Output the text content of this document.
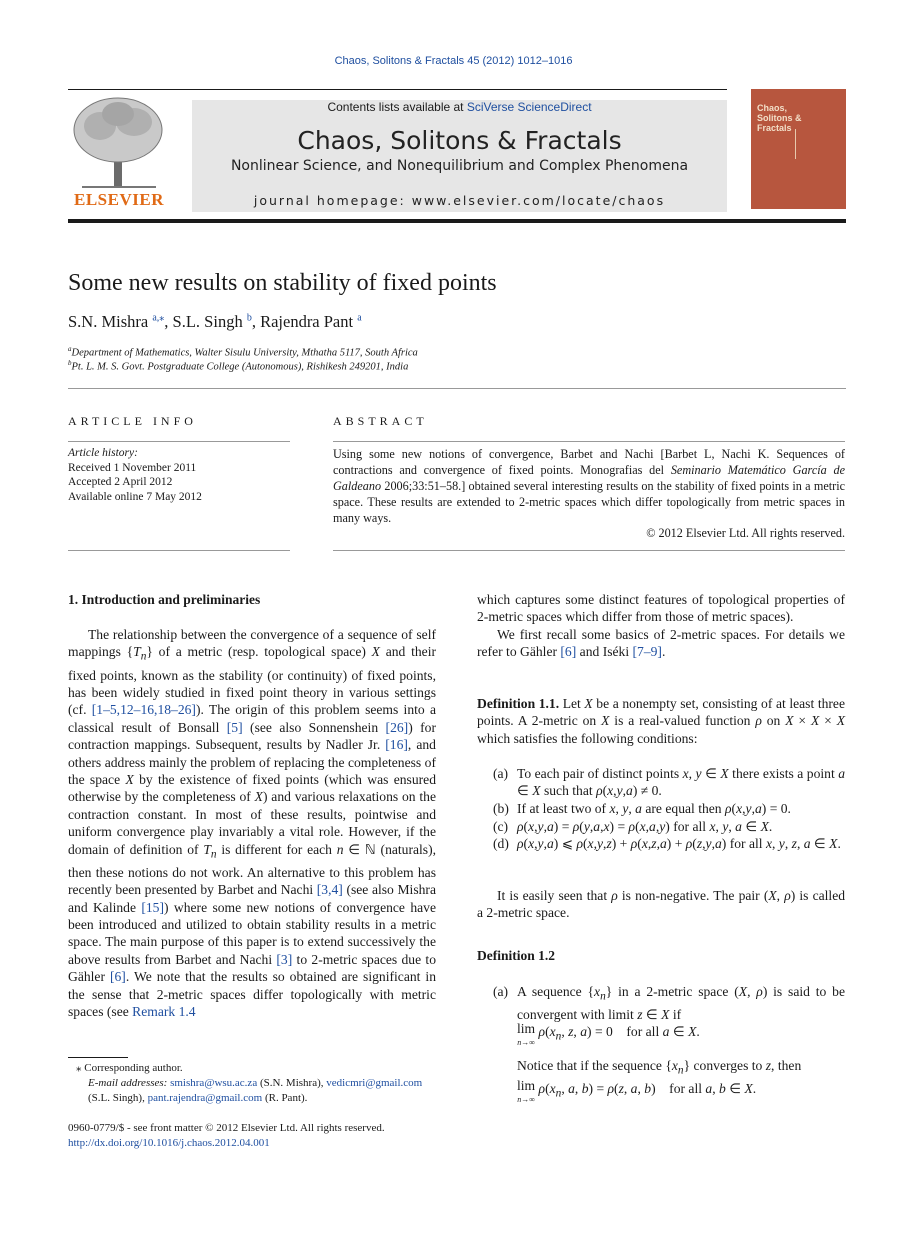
Chaos, Solitons & Fractals 45 (2012) 1012–1016
ELSEVIER
Contents lists available at SciVerse ScienceDirect
Chaos, Solitons & Fractals
Nonlinear Science, and Nonequilibrium and Complex Phenomena
journal homepage: www.elsevier.com/locate/chaos
Chaos, Solitons & Fractals
Some new results on stability of fixed points
S.N. Mishra $^{a,⁎}$, S.L. Singh $^b$, Rajendra Pant $^a$
$^a$Department of Mathematics, Walter Sisulu University, Mthatha 5117, South Africa
$^b$Pt. L. M. S. Govt. Postgraduate College (Autonomous), Rishikesh 249201, India
ARTICLE INFO
Article history:
Received 1 November 2011
Accepted 2 April 2012
Available online 7 May 2012
ABSTRACT
Using some new notions of convergence, Barbet and Nachi [Barbet L, Nachi K. Sequences of contractions and convergence of fixed points. Monografias del Seminario Matemático García de Galdeano 2006;33:51–58.] obtained several interesting results on the stability of fixed points in a metric space. These results are extended to 2-metric spaces which differ topologically from metric spaces in many ways.
© 2012 Elsevier Ltd. All rights reserved.
1. Introduction and preliminaries

The relationship between the convergence of a sequence of self mappings $\{T_n\}$ of a metric (resp. topological space) X and their fixed points, known as the stability (or continuity) of fixed points, has been widely studied in fixed point theory in various settings (cf. [1–5,12–16,18–26]). The origin of this problem seems into a classical result of Bonsall [5] (see also Sonnenshein [26]) for contraction mappings. Subsequent, results by Nadler Jr. [16], and others address mainly the problem of replacing the completeness of the space X by the existence of fixed points (which was ensured otherwise by the completeness of X) and various relaxations on the contraction constant. In most of these results, pointwise and uniform convergence play invariably a vital role. However, if the domain of definition of $T_n$ is different for each n ∈ ℕ (naturals), then these notions do not work. An alternative to this problem has recently been presented by Barbet and Nachi [3,4] (see also Mishra and Kalinde [15]) where some new notions of convergence have been introduced and utilized to obtain stability results in a metric space. The main purpose of this paper is to extend successively the above results from Barbet and Nachi [3] to 2-metric spaces due to Gähler [6]. We note that the results so obtained are significant in the sense that 2-metric spaces differ topologically with metric spaces (see Remark 1.4

⁎ Corresponding author.
E-mail addresses: smishra@wsu.ac.za (S.N. Mishra), vedicmri@gmail.com (S.L. Singh), pant.rajendra@gmail.com (R. Pant).
0960-0779/$ - see front matter © 2012 Elsevier Ltd. All rights reserved.
http://dx.doi.org/10.1016/j.chaos.2012.04.001

which captures some distinct features of topological properties of 2-metric spaces which differ from those of metric spaces).

We first recall some basics of 2-metric spaces. For details we refer to Gähler [6] and Iséki [7–9].

Definition 1.1. Let X be a nonempty set, consisting of at least three points. A 2-metric on X is a real-valued function ρ on X × X × X which satisfies the following conditions:

(a) To each pair of distinct points x, y ∈ X there exists a point a ∈ X such that ρ(x,y,a) ≠ 0.
(b) If at least two of x, y, a are equal then ρ(x,y,a) = 0.
(c) ρ(x,y,a) = ρ(y,a,x) = ρ(x,a,y) for all x, y, a ∈ X.
(d) ρ(x,y,a) ⩽ ρ(x,y,z) + ρ(x,z,a) + ρ(z,y,a) for all x, y, z, a ∈ X.

It is easily seen that ρ is non-negative. The pair (X, ρ) is called a 2-metric space.

Definition 1.2
(a) A sequence $\{x_n\}$ in a 2-metric space (X, ρ) is said to be convergent with limit z ∈ X if
lim
n→∞ $\rho(x_n$, z, a) = 0    for all a ∈ X.
Notice that if the sequence $\{x_n\}$ converges to z, then
lim
n→∞ $\rho(x_n$, a, b) = ρ(z, a, b)    for all a, b ∈ X.
